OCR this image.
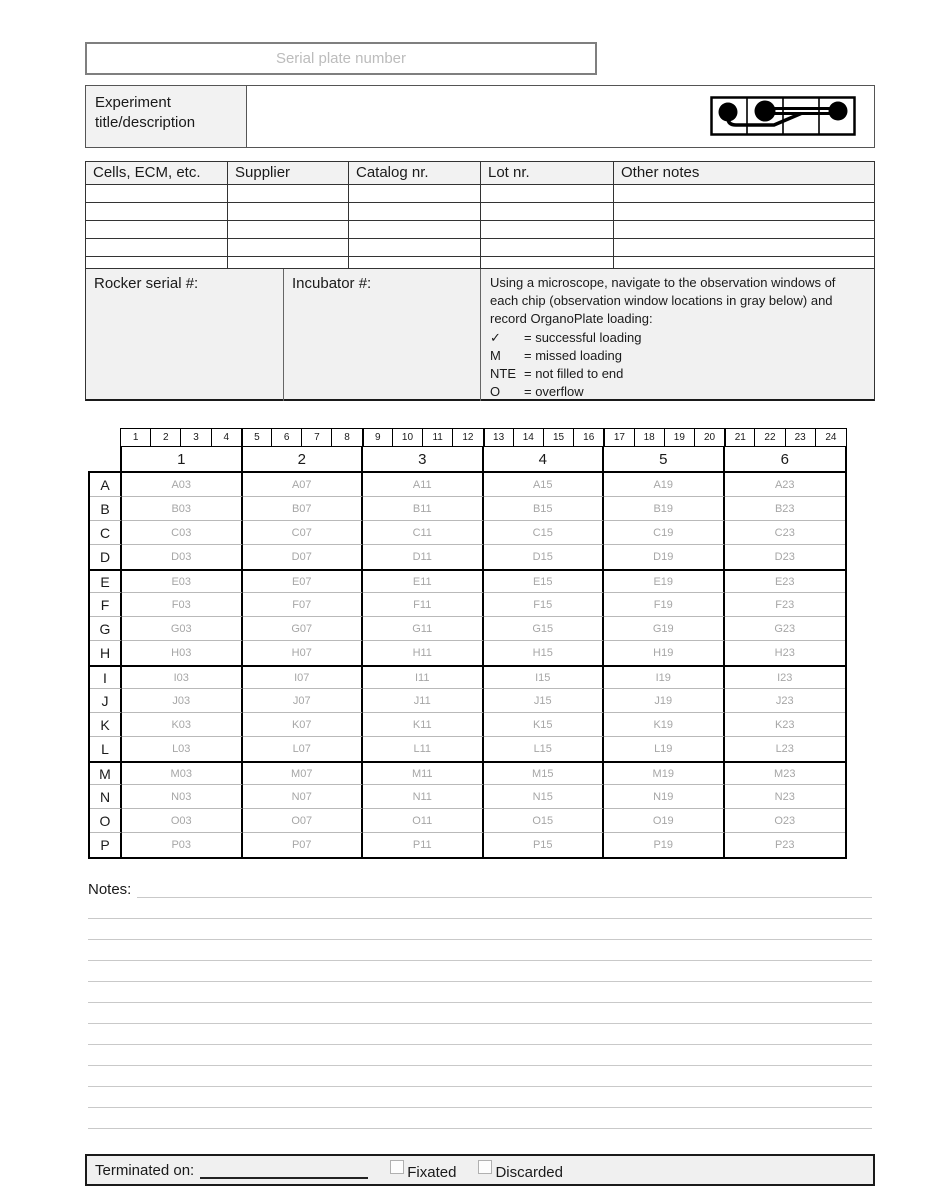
Serial plate number
Experiment title/description
Cells, ECM, etc.	Supplier	Catalog nr.	Lot nr.	Other notes
Rocker serial #:	Incubator #:	Using a microscope, navigate to the observation windows of each chip (observation window locations in gray below) and record OrganoPlate loading:
✓	= successful loading
M	= missed loading
NTE = not filled to end
O	= overflow
1	2	3	4	5	6	7	8	9	10	11	12	13	14	15	16	17	18	19	20	21	22	23	24
1	2	3	4	5	6
A	A03	A07	A11	A15	A19	A23
B	B03	B07	B11	B15	B19	B23
C	C03	C07	C11	C15	C19	C23
D	D03	D07	D11	D15	D19	D23
E	E03	E07	E11	E15	E19	E23
F	F03	F07	F11	F15	F19	F23
G	G03	G07	G11	G15	G19	G23
H	H03	H07	H11	H15	H19	H23
I	I03	I07	I11	I15	I19	I23
J	J03	J07	J11	J15	J19	J23
K	K03	K07	K11	K15	K19	K23
L	L03	L07	L11	L15	L19	L23
M	M03	M07	M11	M15	M19	M23
N	N03	N07	N11	N15	N19	N23
O	O03	O07	O11	O15	O19	O23
P	P03	P07	P11	P15	P19	P23
Notes:
Terminated on:	Fixated	Discarded
